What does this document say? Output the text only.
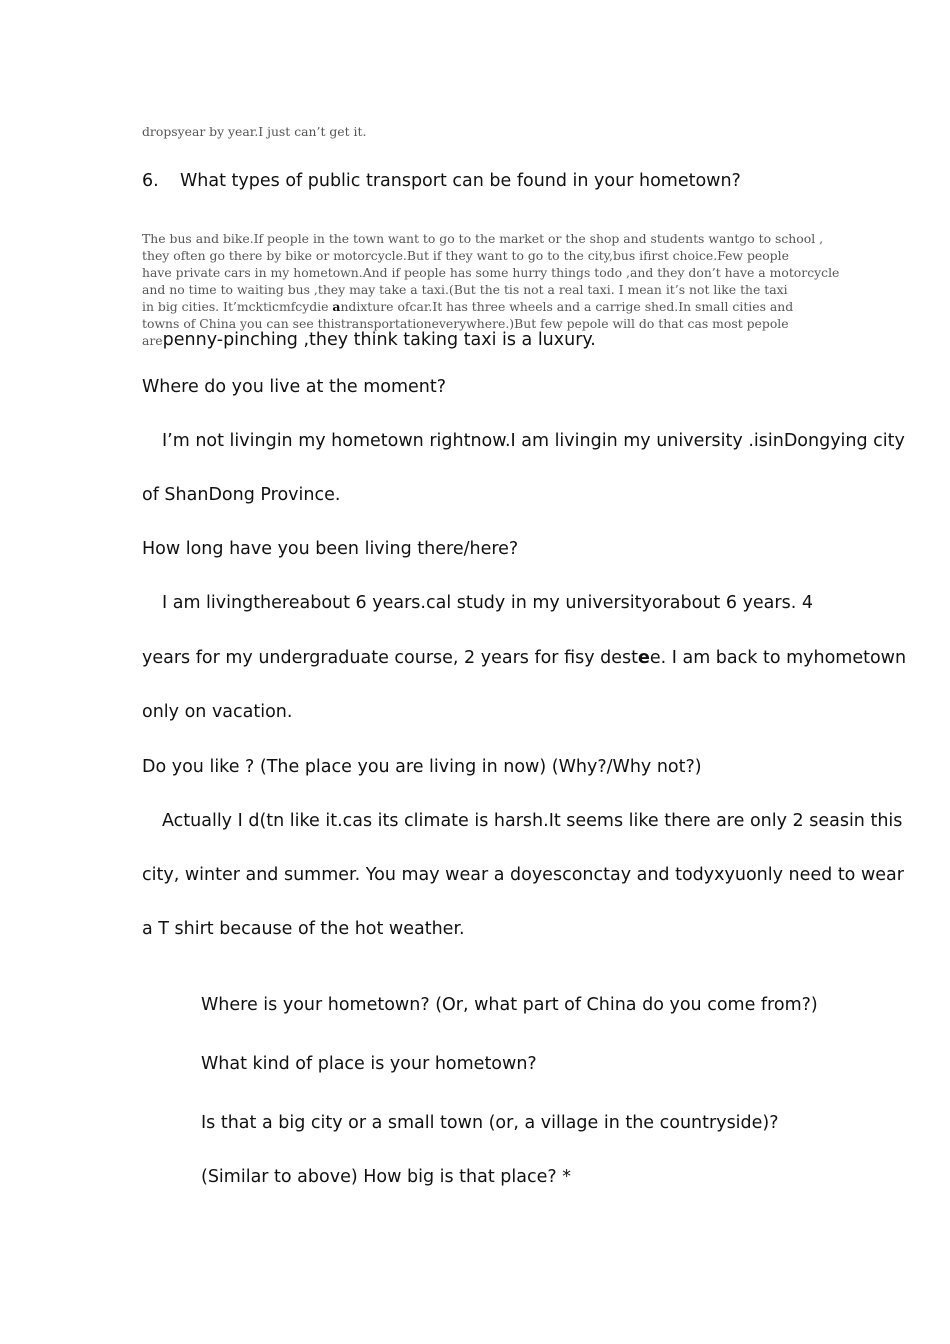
dropsyear by year.I just can’t get it.
6. What types of public transport can be found in your hometown?
The bus and bike.If people in the town want to go to the market or the shop and students wantgo to school ,
they often go there by bike or motorcycle.But if they want to go to the city,bus ifirst choice.Few people
have private cars in my hometown.And if people has some hurry things todo ,and they don’t have a motorcycle
and no time to waiting bus ,they may take a taxi.(But the tis not a real taxi. I mean it’s not like the taxi
in big cities. It’mckticmfcydie andixture ofcar.It has three wheels and a carrige shed.In small cities and
towns of China you can see thistransportationeverywhere.)But few pepole will do that cas most pepole
arepenny-pinching ,they think taking taxi is a luxury.
Where do you live at the moment?
I’m not livingin my hometown rightnow.I am livingin my university .isinDongying city
of ShanDong Province.
How long have you been living there/here?
I am livingthereabout 6 years.cal study in my universityorabout 6 years. 4
years for my undergraduate course, 2 years for fisy destee. I am back to myhometown
only on vacation.
Do you like ? (The place you are living in now) (Why?/Why not?)
Actually I d(tn like it.cas its climate is harsh.It seems like there are only 2 seasin this
city, winter and summer. You may wear a doyesconctay and todyxyuonly need to wear
a T shirt because of the hot weather.
Where is your hometown? (Or, what part of China do you come from?)
What kind of place is your hometown?
Is that a big city or a small town (or, a village in the countryside)?
(Similar to above) How big is that place? *
